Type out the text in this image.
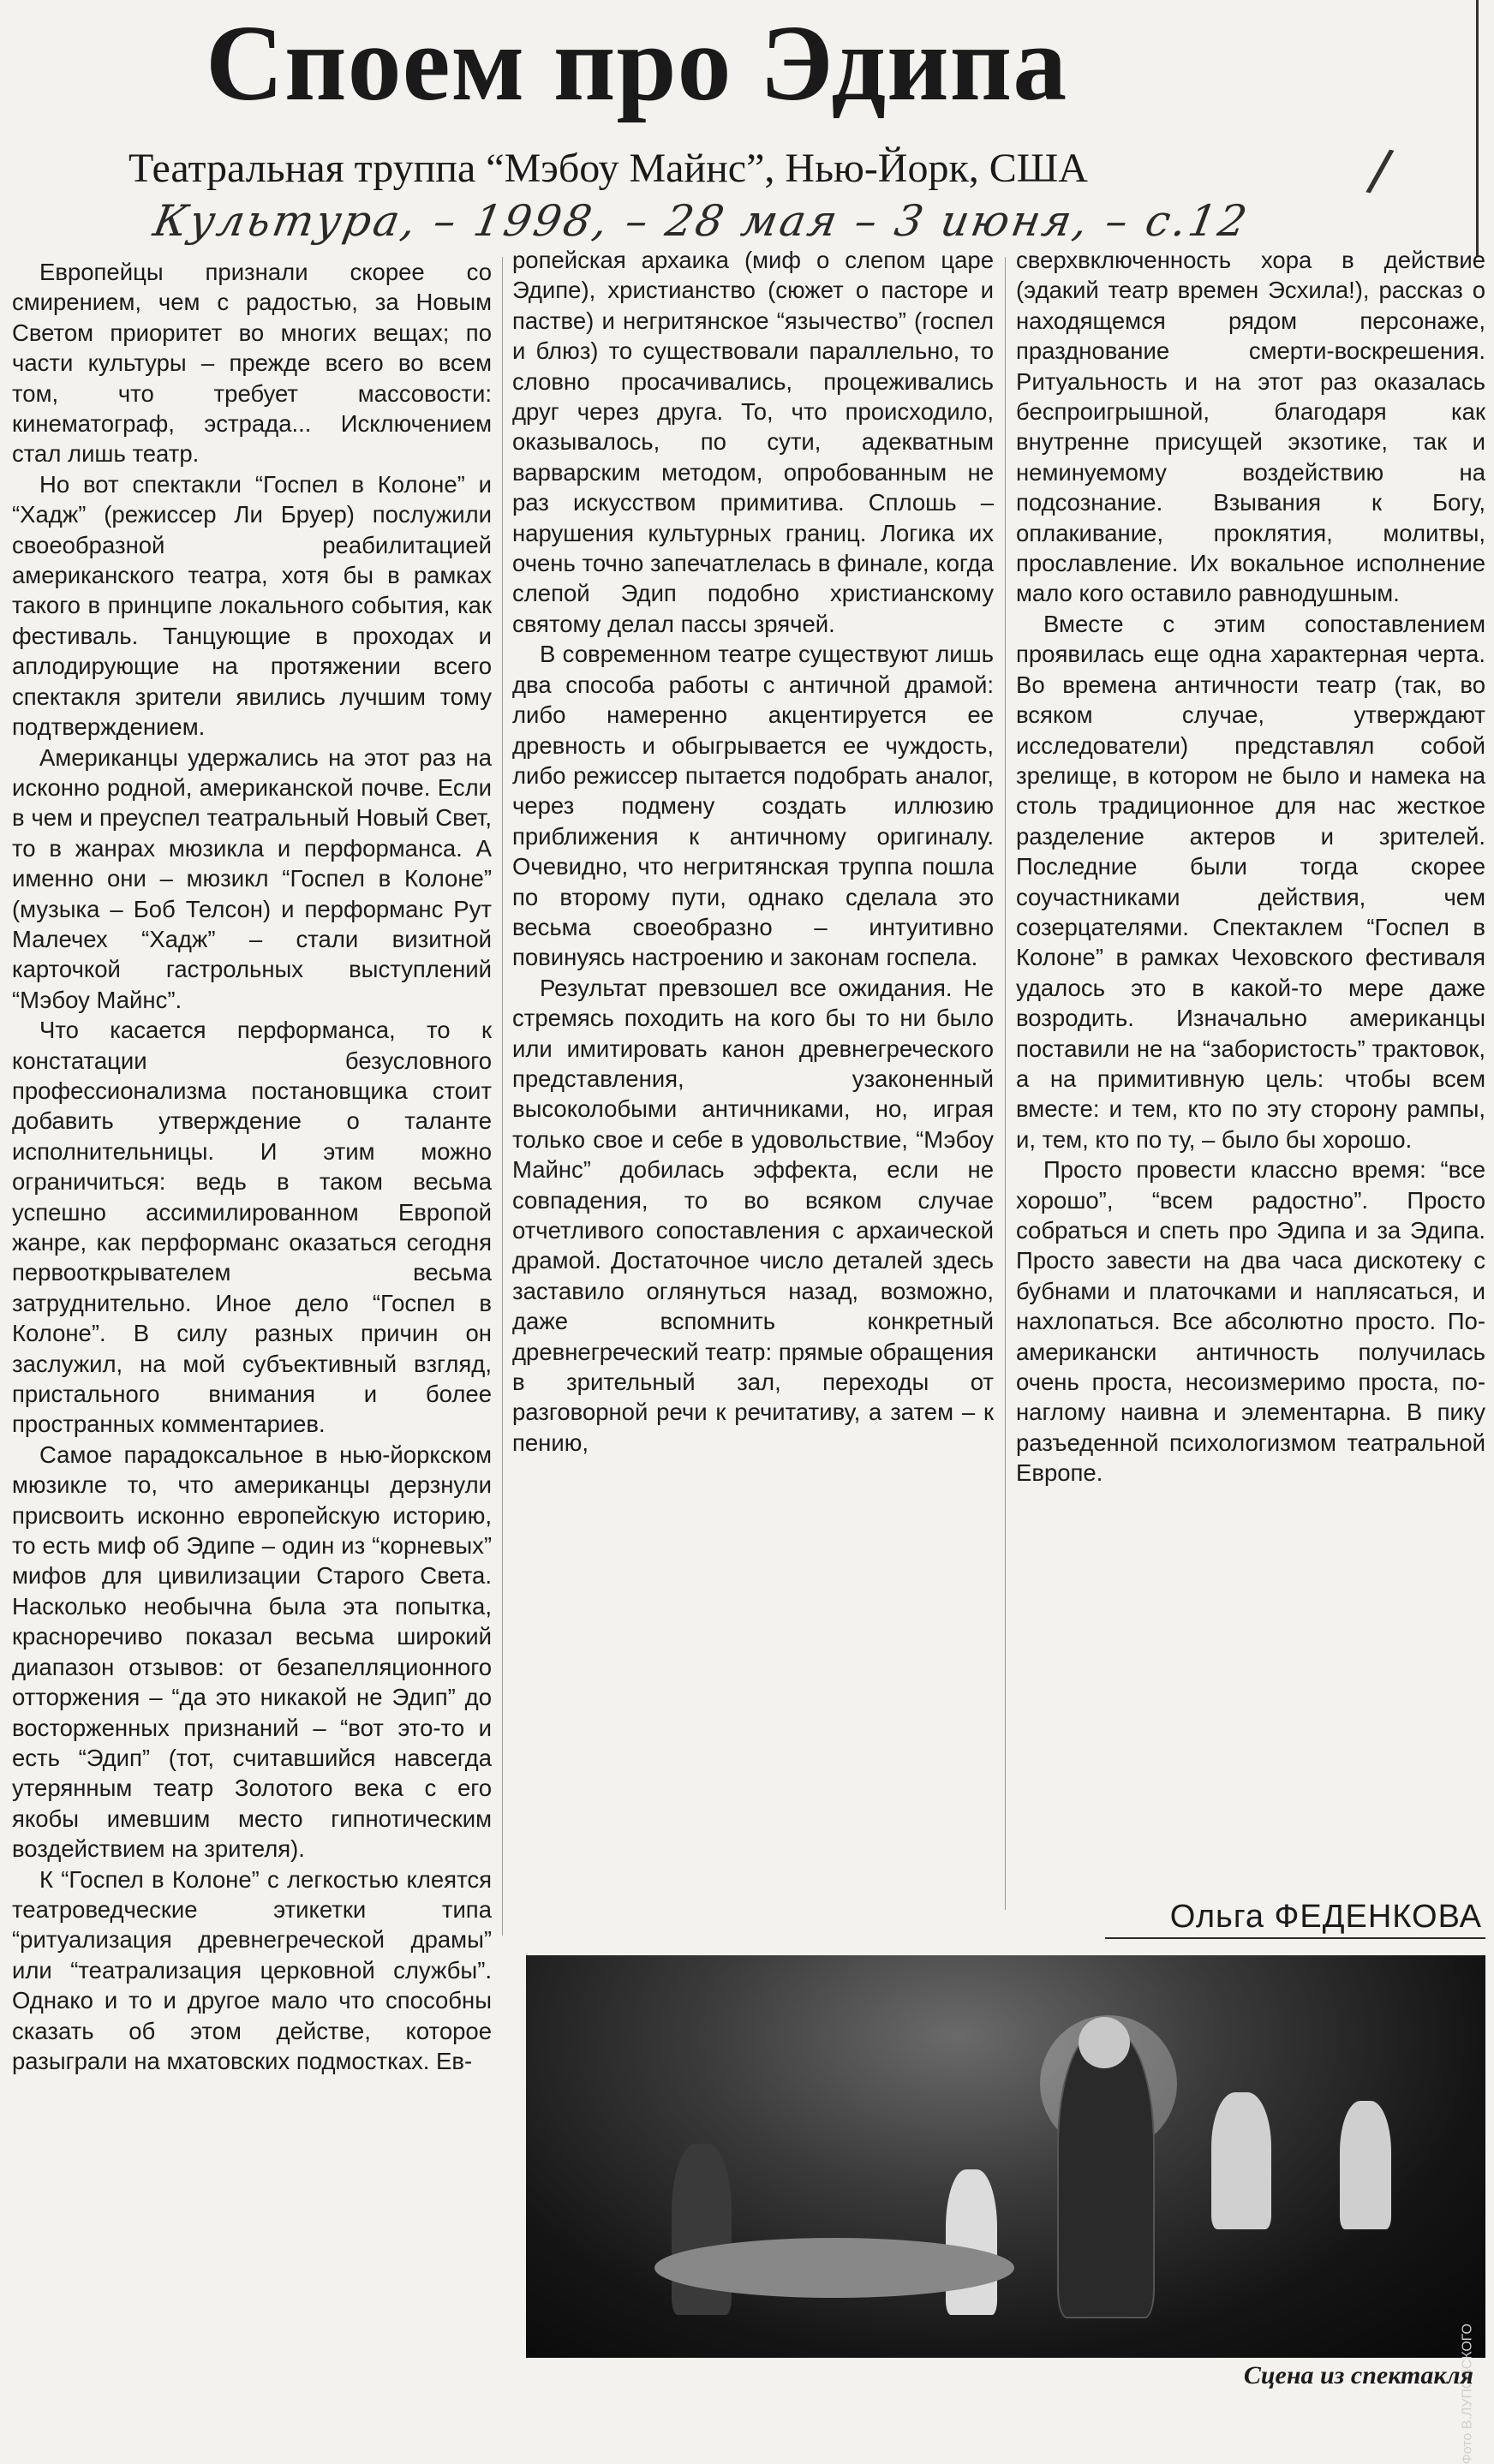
Споем про Эдипа
Театральная труппа “Мэбоу Майнс”, Нью-Йорк, США	/
Культура, – 1998, – 28 мая – 3 июня, – с.12

Европейцы признали скорее со смирением, чем с радостью, за Новым Светом приоритет во многих вещах; по части культуры – прежде всего во всем том, что требует массовости: кинематограф, эстрада... Исключением стал лишь театр.

Но вот спектакли “Госпел в Колоне” и “Хадж” (режиссер Ли Бруер) послужили своеобразной реабилитацией американского театра, хотя бы в рамках такого в принципе локального события, как фестиваль. Танцующие в проходах и аплодирующие на протяжении всего спектакля зрители явились лучшим тому подтверждением.

Американцы удержались на этот раз на исконно родной, американской почве. Если в чем и преуспел театральный Новый Свет, то в жанрах мюзикла и перформанса. А именно они – мюзикл “Госпел в Колоне” (музыка – Боб Телсон) и перформанс Рут Малечех “Хадж” – стали визитной карточкой гастрольных выступлений “Мэбоу Майнс”.

Что касается перформанса, то к констатации безусловного профессионализма постановщика стоит добавить утверждение о таланте исполнительницы. И этим можно ограничиться: ведь в таком весьма успешно ассимилированном Европой жанре, как перформанс оказаться сегодня первооткрывателем весьма затруднительно. Иное дело “Госпел в Колоне”. В силу разных причин он заслужил, на мой субъективный взгляд, пристального внимания и более пространных комментариев.

Самое парадоксальное в нью-йоркском мюзикле то, что американцы дерзнули присвоить исконно европейскую историю, то есть миф об Эдипе – один из “корневых” мифов для цивилизации Старого Света. Насколько необычна была эта попытка, красноречиво показал весьма широкий диапазон отзывов: от безапелляционного отторжения – “да это никакой не Эдип” до восторженных признаний – “вот это-то и есть “Эдип” (тот, считавшийся навсегда утерянным театр Золотого века с его якобы имевшим место гипнотическим воздействием на зрителя).

К “Госпел в Колоне” с легкостью клеятся театроведческие этикетки типа “ритуализация древнегреческой драмы” или “театрализация церковной службы”. Однако и то и другое мало что способны сказать об этом действе, которое разыграли на мхатовских подмостках. Ев-

ропейская архаика (миф о слепом царе Эдипе), христианство (сюжет о пасторе и пастве) и негритянское “язычество” (госпел и блюз) то существовали параллельно, то словно просачивались, процеживались друг через друга. То, что происходило, оказывалось, по сути, адекватным варварским методом, опробованным не раз искусством примитива. Сплошь – нарушения культурных границ. Логика их очень точно запечатлелась в финале, когда слепой Эдип подобно христианскому святому делал пассы зрячей.

В современном театре существуют лишь два способа работы с античной драмой: либо намеренно акцентируется ее древность и обыгрывается ее чуждость, либо режиссер пытается подобрать аналог, через подмену создать иллюзию приближения к античному оригиналу. Очевидно, что негритянская труппа пошла по второму пути, однако сделала это весьма своеобразно – интуитивно повинуясь настроению и законам госпела.

Результат превзошел все ожидания. Не стремясь походить на кого бы то ни было или имитировать канон древнегреческого представления, узаконенный высоколобыми античниками, но, играя только свое и себе в удовольствие, “Мэбоу Майнс” добилась эффекта, если не совпадения, то во всяком случае отчетливого сопоставления с архаической драмой. Достаточное число деталей здесь заставило оглянуться назад, возможно, даже вспомнить конкретный древнегреческий театр: прямые обращения в зрительный зал, переходы от разговорной речи к речитативу, а затем – к пению,

сверхвключенность хора в действие (эдакий театр времен Эсхила!), рассказ о находящемся рядом персонаже, празднование смерти-воскрешения. Ритуальность и на этот раз оказалась беспроигрышной, благодаря как внутренне присущей экзотике, так и неминуемому воздействию на подсознание. Взывания к Богу, оплакивание, проклятия, молитвы, прославление. Их вокальное исполнение мало кого оставило равнодушным.

Вместе с этим сопоставлением проявилась еще одна характерная черта. Во времена античности театр (так, во всяком случае, утверждают исследователи) представлял собой зрелище, в котором не было и намека на столь традиционное для нас жесткое разделение актеров и зрителей. Последние были тогда скорее соучастниками действия, чем созерцателями. Спектаклем “Госпел в Колоне” в рамках Чеховского фестиваля удалось это в какой-то мере даже возродить. Изначально американцы поставили не на “забористость” трактовок, а на примитивную цель: чтобы всем вместе: и тем, кто по эту сторону рампы, и, тем, кто по ту, – было бы хорошо.

Просто провести классно время: “все хорошо”, “всем радостно”. Просто собраться и спеть про Эдипа и за Эдипа. Просто завести на два часа дискотеку с бубнами и платочками и наплясаться, и нахлопаться. Все абсолютно просто. По-американски античность получилась очень проста, несоизмеримо проста, по-наглому наивна и элементарна. В пику разъеденной психологизмом театральной Европе.

Ольга ФЕДЕНКОВА
Фото В.ЛУПОВСКОГО
Сцена из спектакля
